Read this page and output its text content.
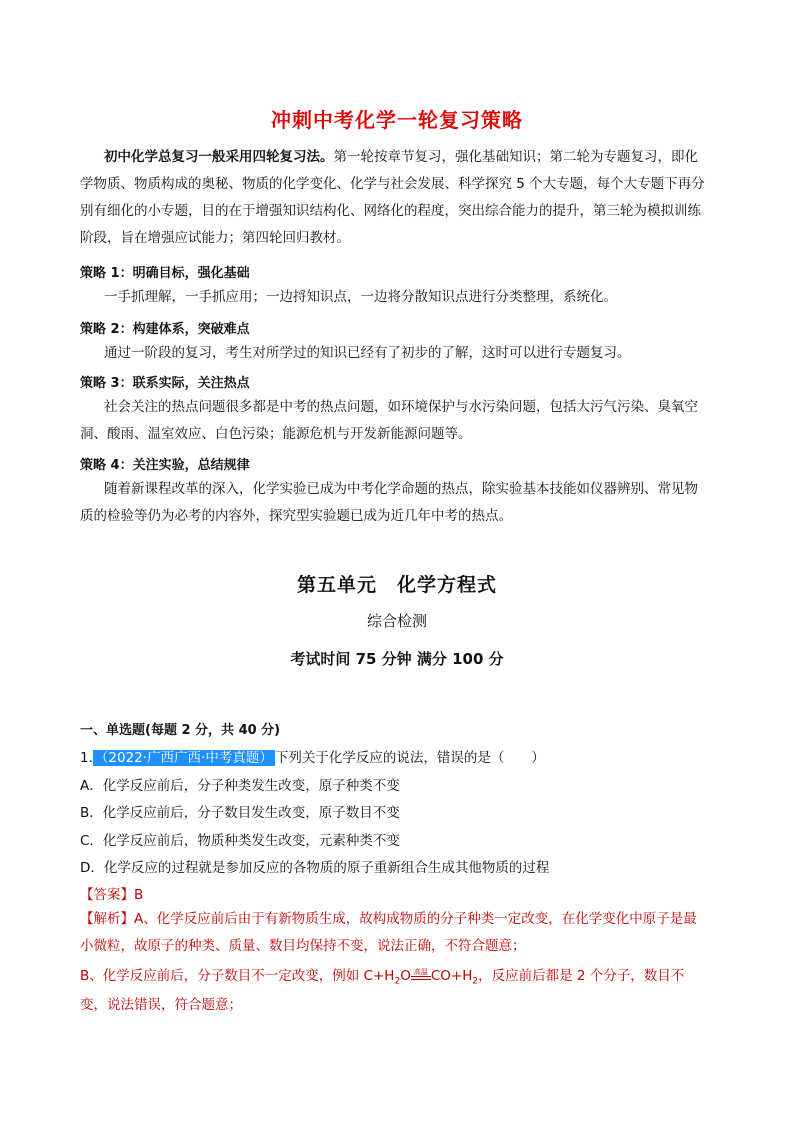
冲刺中考化学一轮复习策略
初中化学总复习一般采用四轮复习法。第一轮按章节复习，强化基础知识；第二轮为专题复习，即化
学物质、物质构成的奥秘、物质的化学变化、化学与社会发展、科学探究 5 个大专题，每个大专题下再分
别有细化的小专题，目的在于增强知识结构化、网络化的程度，突出综合能力的提升，第三轮为模拟训练
阶段，旨在增强应试能力；第四轮回归教材。
策略 1：明确目标，强化基础
一手抓理解，一手抓应用；一边捋知识点，一边将分散知识点进行分类整理，系统化。
策略 2：构建体系，突破难点
通过一阶段的复习，考生对所学过的知识已经有了初步的了解，这时可以进行专题复习。
策略 3：联系实际，关注热点
社会关注的热点问题很多都是中考的热点问题，如环境保护与水污染问题，包括大污气污染、臭氧空
洞、酸雨、温室效应、白色污染；能源危机与开发新能源问题等。
策略 4：关注实验，总结规律
随着新课程改革的深入，化学实验已成为中考化学命题的热点，除实验基本技能如仪器辨别、常见物
质的检验等仍为必考的内容外，探究型实验题已成为近几年中考的热点。
第五单元　化学方程式
综合检测
考试时间 75 分钟 满分 100 分
一、单选题(每题 2 分，共 40 分)
1. （2022·广西广西·中考真题） 下列关于化学反应的说法，错误的是（　　）
A．化学反应前后，分子种类发生改变，原子种类不变
B．化学反应前后，分子数目发生改变，原子数目不变
C．化学反应前后，物质种类发生改变，元素种类不变
D．化学反应的过程就是参加反应的各物质的原子重新组合生成其他物质的过程
【答案】B
【解析】A、化学反应前后由于有新物质生成，故构成物质的分子种类一定改变，在化学变化中原子是最
小微粒，故原子的种类、质量、数目均保持不变，说法正确，不符合题意；
B、化学反应前后，分子数目不一定改变，例如 $C+H_2O$ 高温 $CO+H_2$，反应前后都是 2 个分子，数目不
变，说法错误，符合题意；
